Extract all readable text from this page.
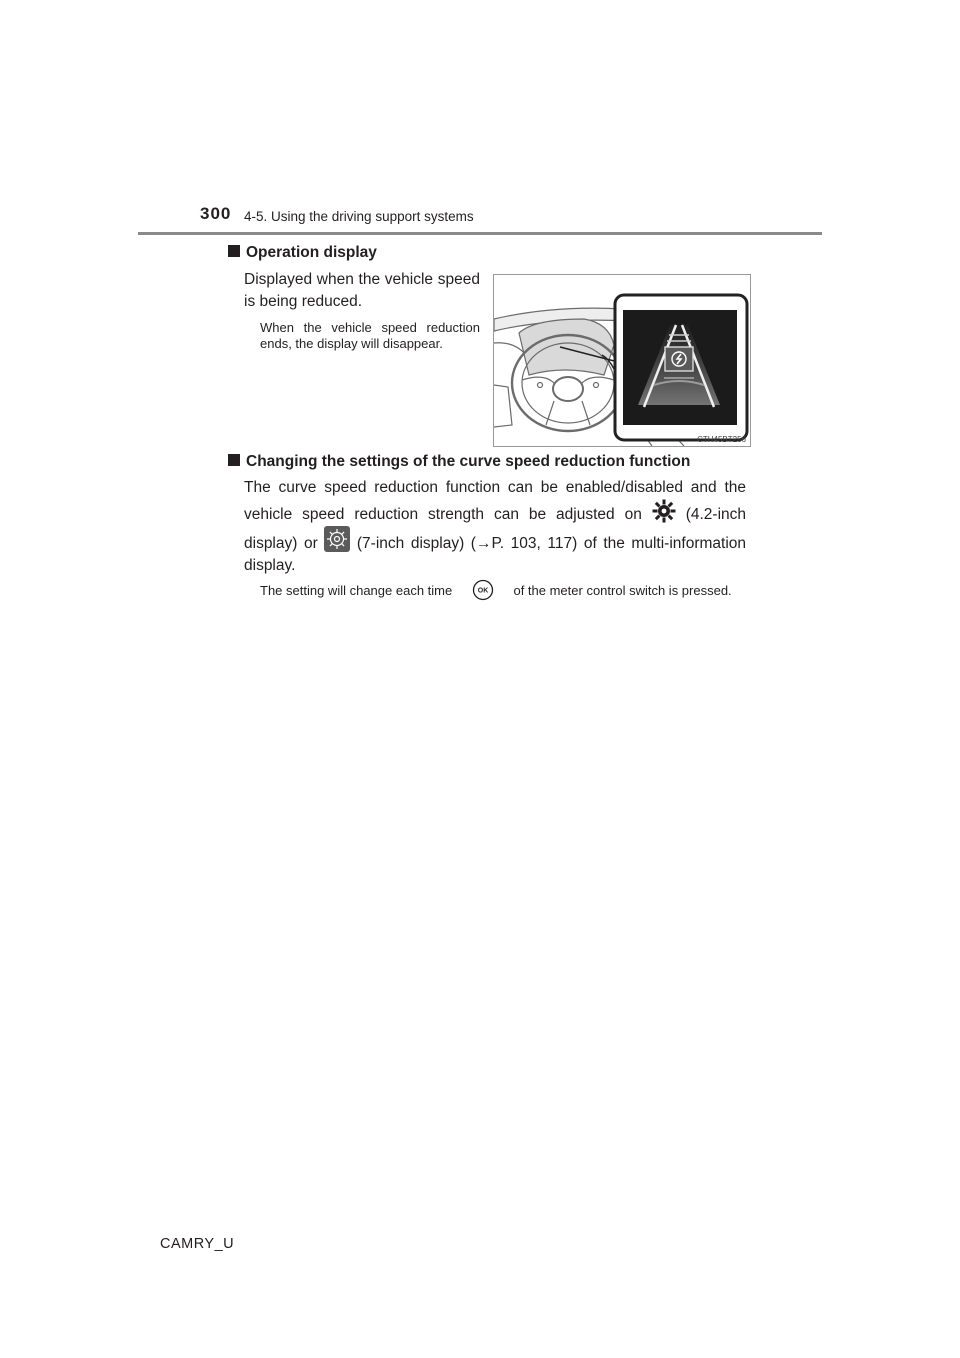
300 4-5. Using the driving support systems
Operation display
Displayed when the vehicle speed is being reduced.
When the vehicle speed reduction ends, the display will disappear.
CTH45BT256
Changing the settings of the curve speed reduction function
The curve speed reduction function can be enabled/disabled and the vehicle speed reduction strength can be adjusted on	(4.2-inch display) or	(7-inch display) (→P. 103, 117) of the multi-information display.
The setting will change each time	OK of the meter control switch is pressed.
CAMRY_U
